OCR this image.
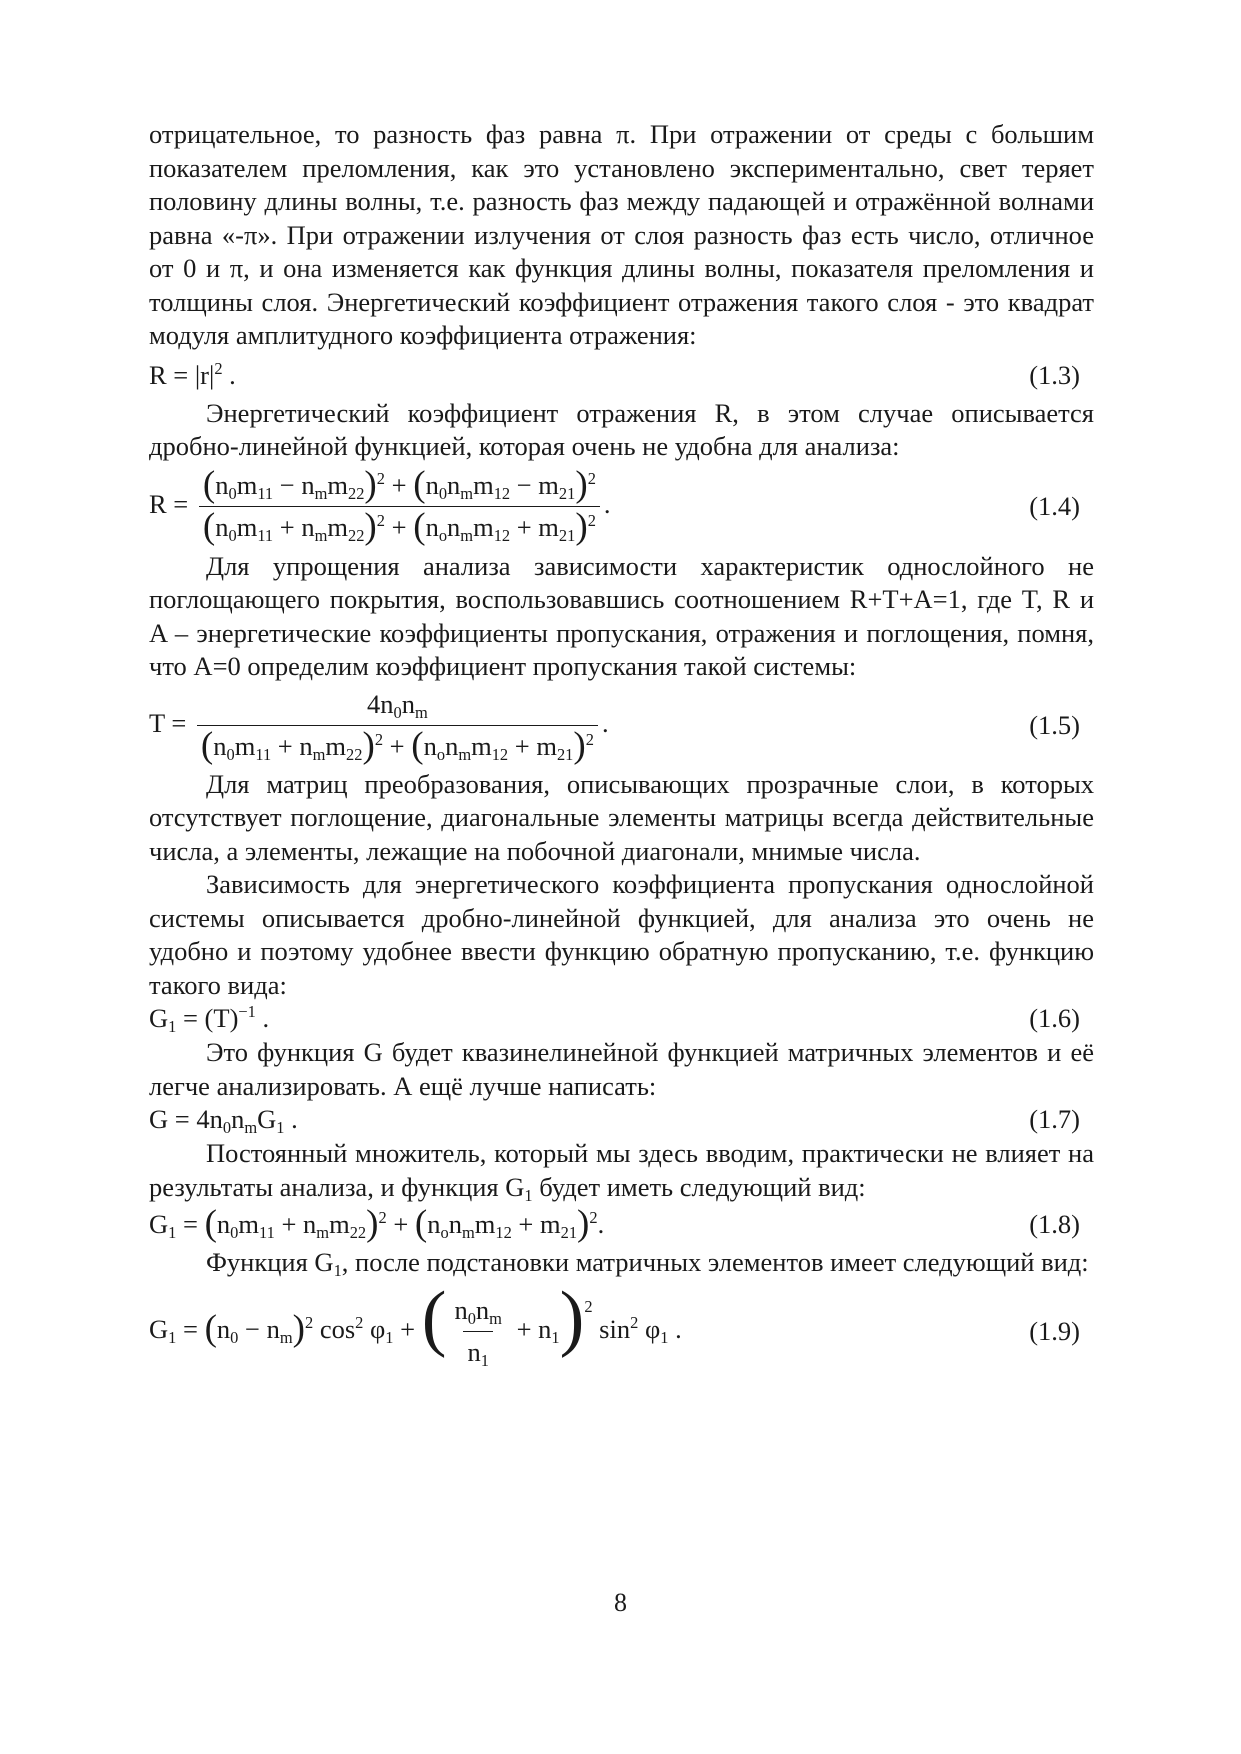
отрицательное, то разность фаз равна π. При отражении от среды с большим показателем преломления, как это установлено экспериментально, свет теряет половину длины волны, т.е. разность фаз между падающей и отражённой волнами равна «-π». При отражении излучения от слоя разность фаз есть число, отличное от 0 и π, и она изменяется как функция длины волны, показателя преломления и толщины слоя. Энергетический коэффициент отражения такого слоя - это квадрат модуля амплитудного коэффициента отражения:

$R = |r|^2$ .	(1.3)

Энергетический коэффициент отражения R, в этом случае описывается дробно-линейной функцией, которая очень не удобна для анализа:

$R = \frac{(n_0m_{11} - n_mm_{22})^2 + (n_0n_mm_{12} - m_{21})^2}{(n_0m_{11} + n_mm_{22})^2 + (n_on_mm_{12} + m_{21})^2}$ .	(1.4)

Для упрощения анализа зависимости характеристик однослойного не поглощающего покрытия, воспользовавшись соотношением R+T+A=1, где T, R и A – энергетические коэффициенты пропускания, отражения и поглощения, помня, что A=0 определим коэффициент пропускания такой системы:

$T = \frac{4n_0n_m}{(n_0m_{11} + n_mm_{22})^2 + (n_on_mm_{12} + m_{21})^2}$ .	(1.5)

Для матриц преобразования, описывающих прозрачные слои, в которых отсутствует поглощение, диагональные элементы матрицы всегда действительные числа, а элементы, лежащие на побочной диагонали, мнимые числа.

Зависимость для энергетического коэффициента пропускания однослойной системы описывается дробно-линейной функцией, для анализа это очень не удобно и поэтому удобнее ввести функцию обратную пропусканию, т.е. функцию такого вида:

$G_1 = (T)^{-1}$ .	(1.6)

Это функция G будет квазинелинейной функцией матричных элементов и её легче анализировать. А ещё лучше написать:

$G = 4n_0n_mG_1$ .	(1.7)

Постоянный множитель, который мы здесь вводим, практически не влияет на результаты анализа, и функция $G_1$ будет иметь следующий вид:

$G_1 = (n_0m_{11} + n_mm_{22})^2 + (n_on_mm_{12} + m_{21})^2$.	(1.8)

Функция $G_1$, после подстановки матричных элементов имеет следующий вид:

$G_1 = (n_0 - n_m)^2$ $\cos^2 \varphi_1$ + ( $\frac{n_0n_m}{n_1} + n_1)^2$ $\sin^2 \varphi_1$ .	(1.9)
8
